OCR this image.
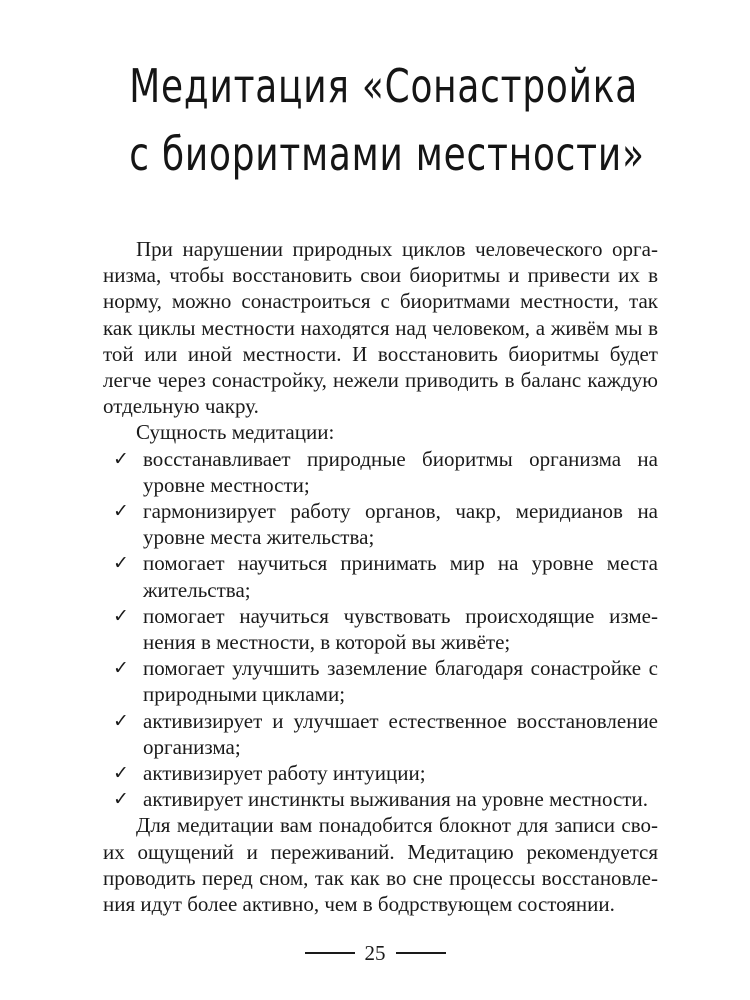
Медитация «Сонастройка
с биоритмами местности»

При нарушении природных циклов человеческого организма, чтобы восстановить свои биоритмы и привести их в норму, можно сонастроиться с биоритмами местности, так как циклы местности находятся над человеком, а живём мы в той или иной местности. И восстановить биоритмы будет легче через сонастройку, нежели приводить в баланс каждую отдельную чакру.

Сущность медитации:

✓ восстанавливает природные биоритмы организма на уровне местности;
✓ гармонизирует работу органов, чакр, меридианов на уровне места жительства;
✓ помогает научиться принимать мир на уровне места жительства;
✓ помогает научиться чувствовать происходящие изменения в местности, в которой вы живёте;
✓ помогает улучшить заземление благодаря сонастройке с природными циклами;
✓ активизирует и улучшает естественное восстановление организма;
✓ активизирует работу интуиции;
✓ активирует инстинкты выживания на уровне местности.

Для медитации вам понадобится блокнот для записи своих ощущений и переживаний. Медитацию рекомендуется проводить перед сном, так как во сне процессы восстановления идут более активно, чем в бодрствующем состоянии.

25
